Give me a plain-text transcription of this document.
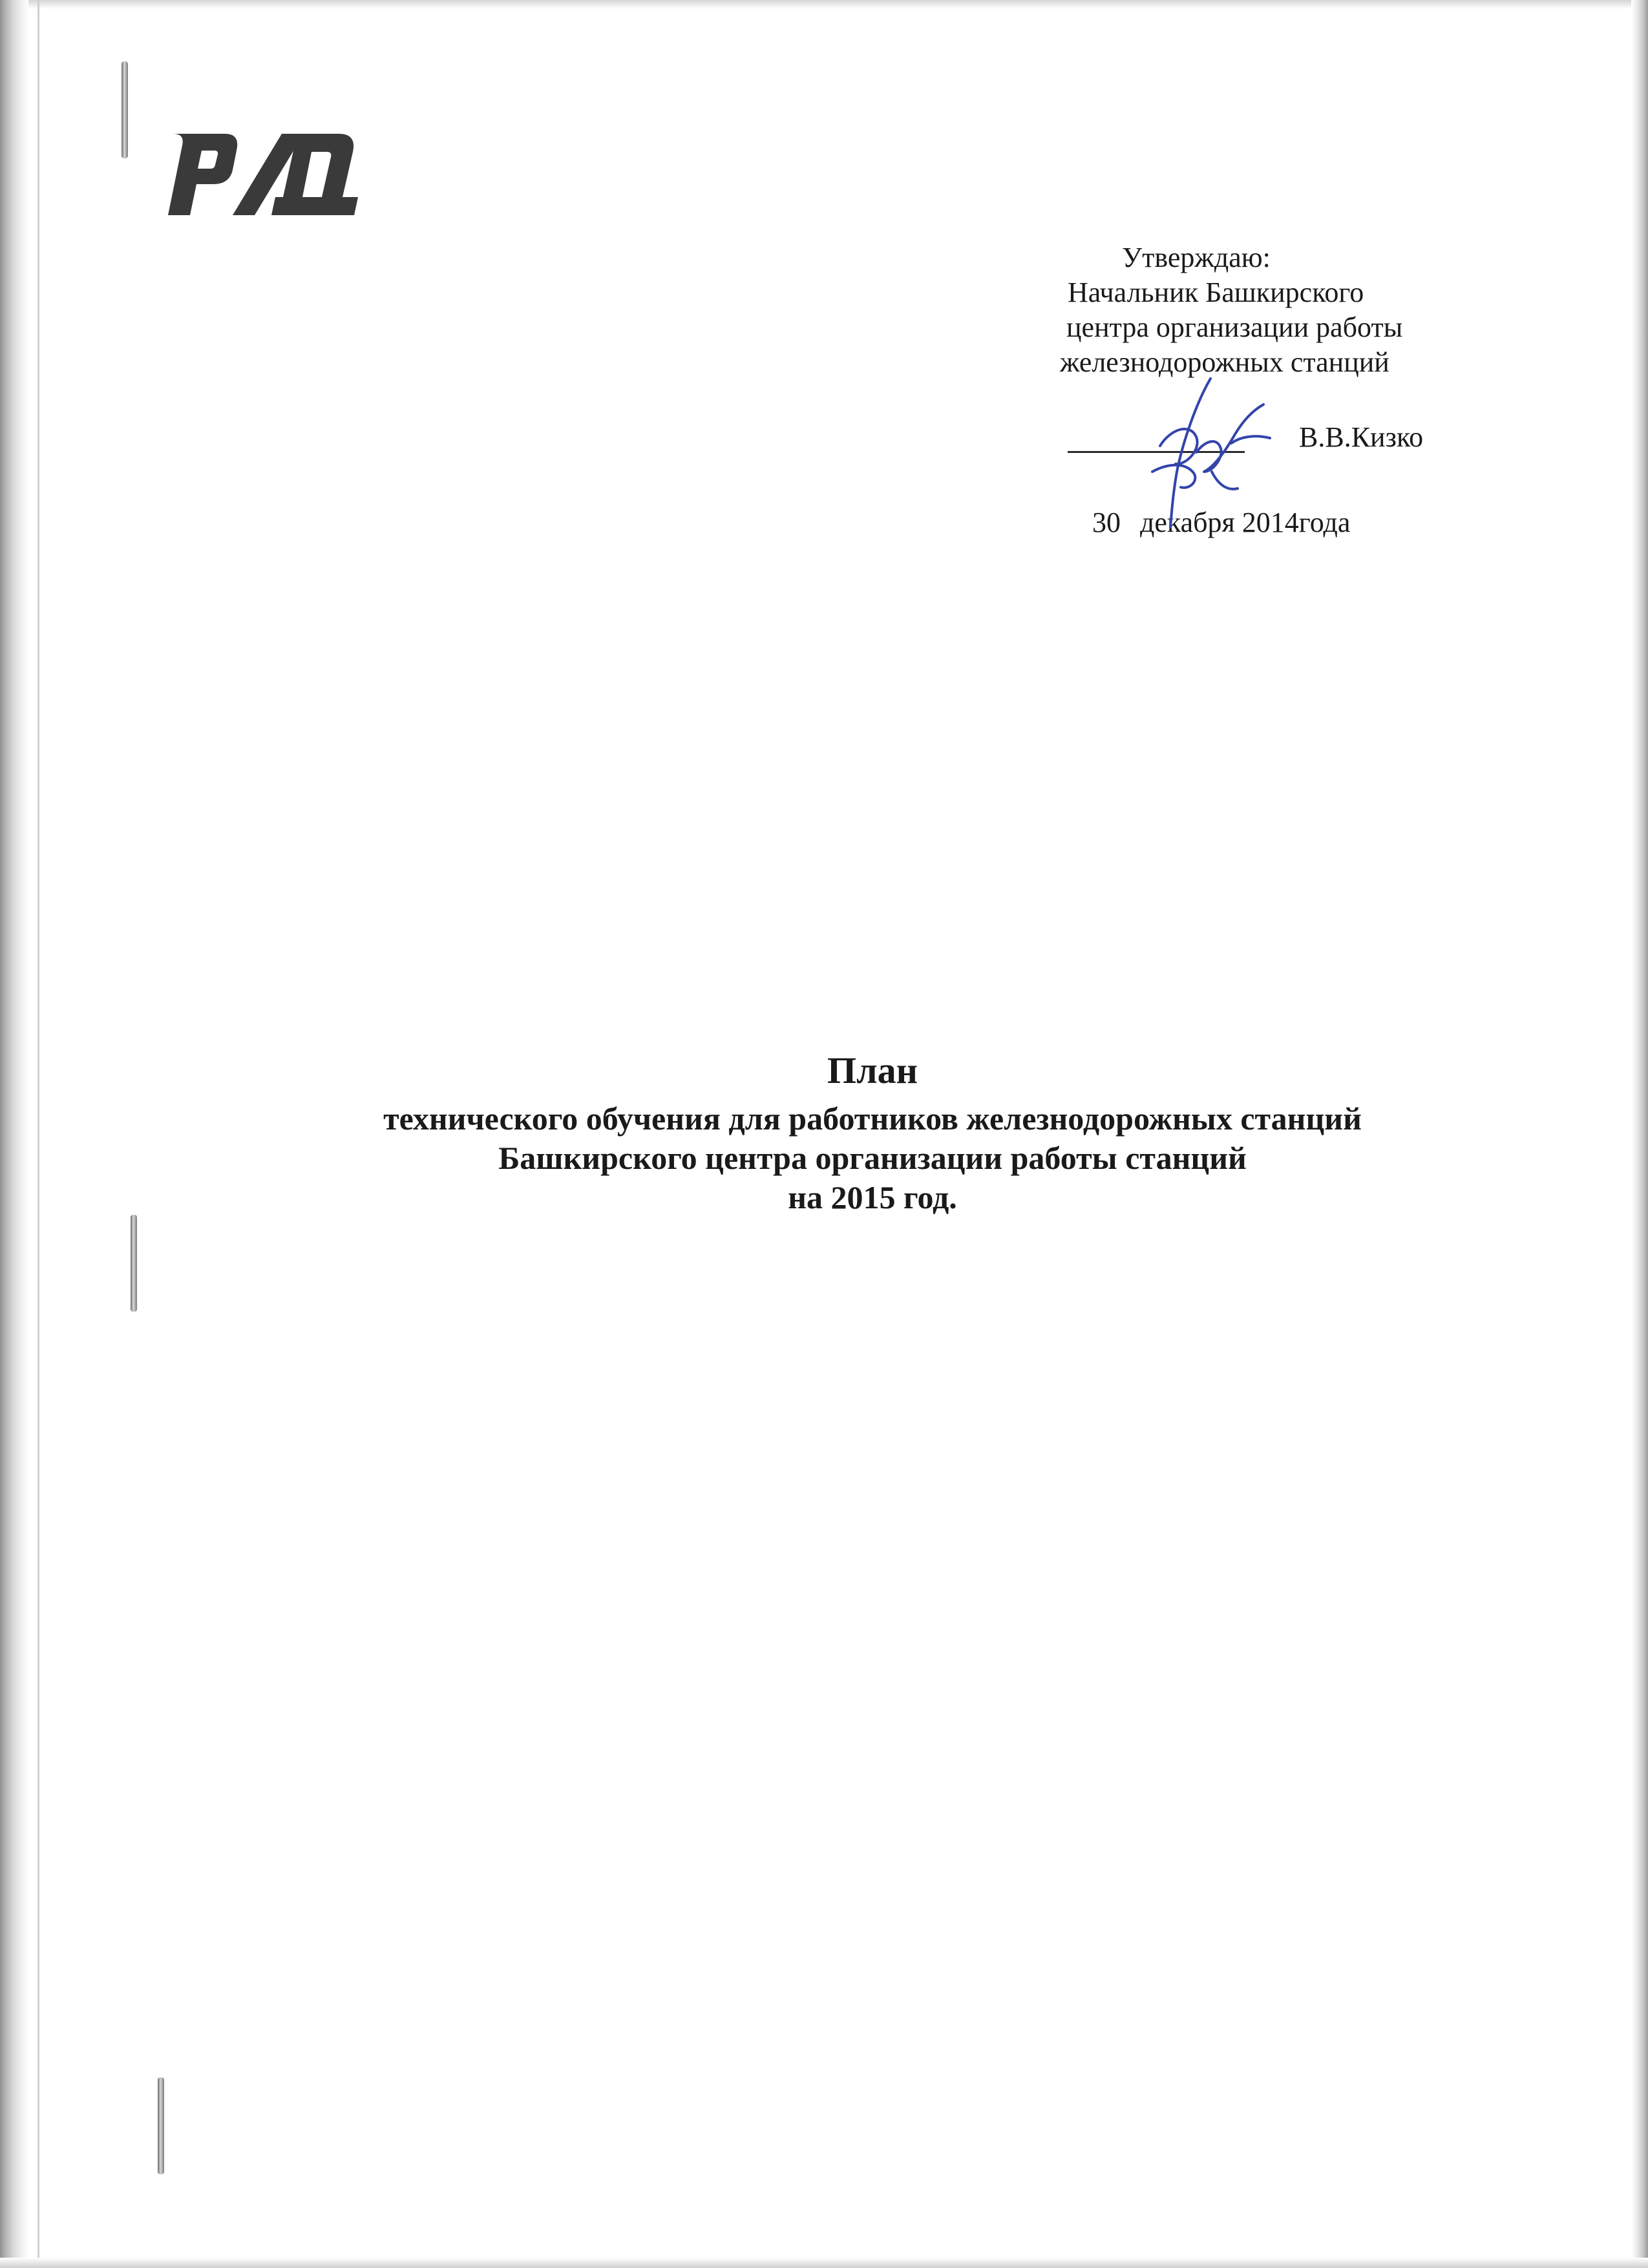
Утверждаю:
Начальник Башкирского
центра организации работы
железнодорожных станций
В.В.Кизко
30 декабря 2014года
План
технического обучения для работников железнодорожных станций
Башкирского центра организации работы станций
на 2015 год.
